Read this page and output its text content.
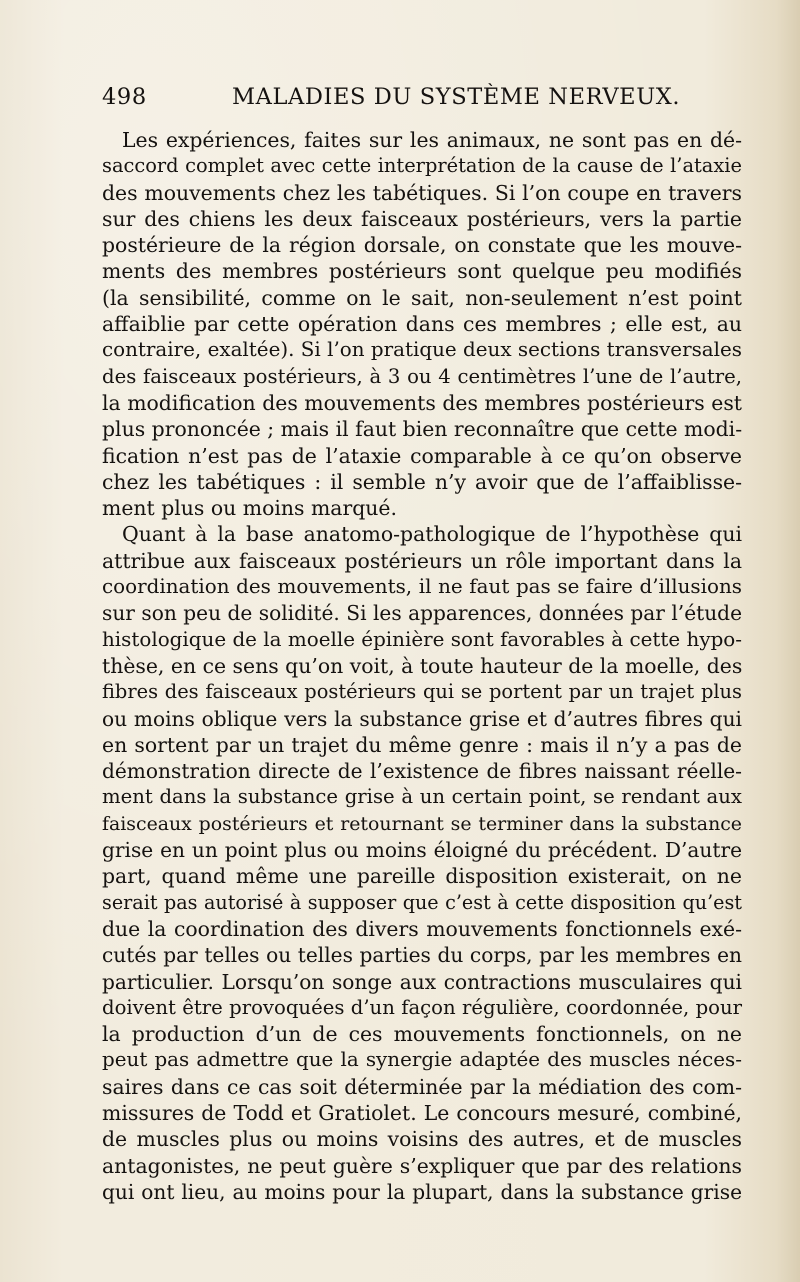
498	MALADIES DU SYSTÈME NERVEUX.
Les expériences, faites sur les animaux, ne sont pas en dé-
saccord complet avec cette interprétation de la cause de l’ataxie
des mouvements chez les tabétiques. Si l’on coupe en travers
sur des chiens les deux faisceaux postérieurs, vers la partie
postérieure de la région dorsale, on constate que les mouve-
ments des membres postérieurs sont quelque peu modifiés
(la sensibilité, comme on le sait, non-seulement n’est point
affaiblie par cette opération dans ces membres ; elle est, au
contraire, exaltée). Si l’on pratique deux sections transversales
des faisceaux postérieurs, à 3 ou 4 centimètres l’une de l’autre,
la modification des mouvements des membres postérieurs est
plus prononcée ; mais il faut bien reconnaître que cette modi-
fication n’est pas de l’ataxie comparable à ce qu’on observe
chez les tabétiques : il semble n’y avoir que de l’affaiblisse-
ment plus ou moins marqué.
Quant à la base anatomo-pathologique de l’hypothèse qui
attribue aux faisceaux postérieurs un rôle important dans la
coordination des mouvements, il ne faut pas se faire d’illusions
sur son peu de solidité. Si les apparences, données par l’étude
histologique de la moelle épinière sont favorables à cette hypo-
thèse, en ce sens qu’on voit, à toute hauteur de la moelle, des
fibres des faisceaux postérieurs qui se portent par un trajet plus
ou moins oblique vers la substance grise et d’autres fibres qui
en sortent par un trajet du même genre : mais il n’y a pas de
démonstration directe de l’existence de fibres naissant réelle-
ment dans la substance grise à un certain point, se rendant aux
faisceaux postérieurs et retournant se terminer dans la substance
grise en un point plus ou moins éloigné du précédent. D’autre
part, quand même une pareille disposition existerait, on ne
serait pas autorisé à supposer que c’est à cette disposition qu’est
due la coordination des divers mouvements fonctionnels exé-
cutés par telles ou telles parties du corps, par les membres en
particulier. Lorsqu’on songe aux contractions musculaires qui
doivent être provoquées d’un façon régulière, coordonnée, pour
la production d’un de ces mouvements fonctionnels, on ne
peut pas admettre que la synergie adaptée des muscles néces-
saires dans ce cas soit déterminée par la médiation des com-
missures de Todd et Gratiolet. Le concours mesuré, combiné,
de muscles plus ou moins voisins des autres, et de muscles
antagonistes, ne peut guère s’expliquer que par des relations
qui ont lieu, au moins pour la plupart, dans la substance grise
